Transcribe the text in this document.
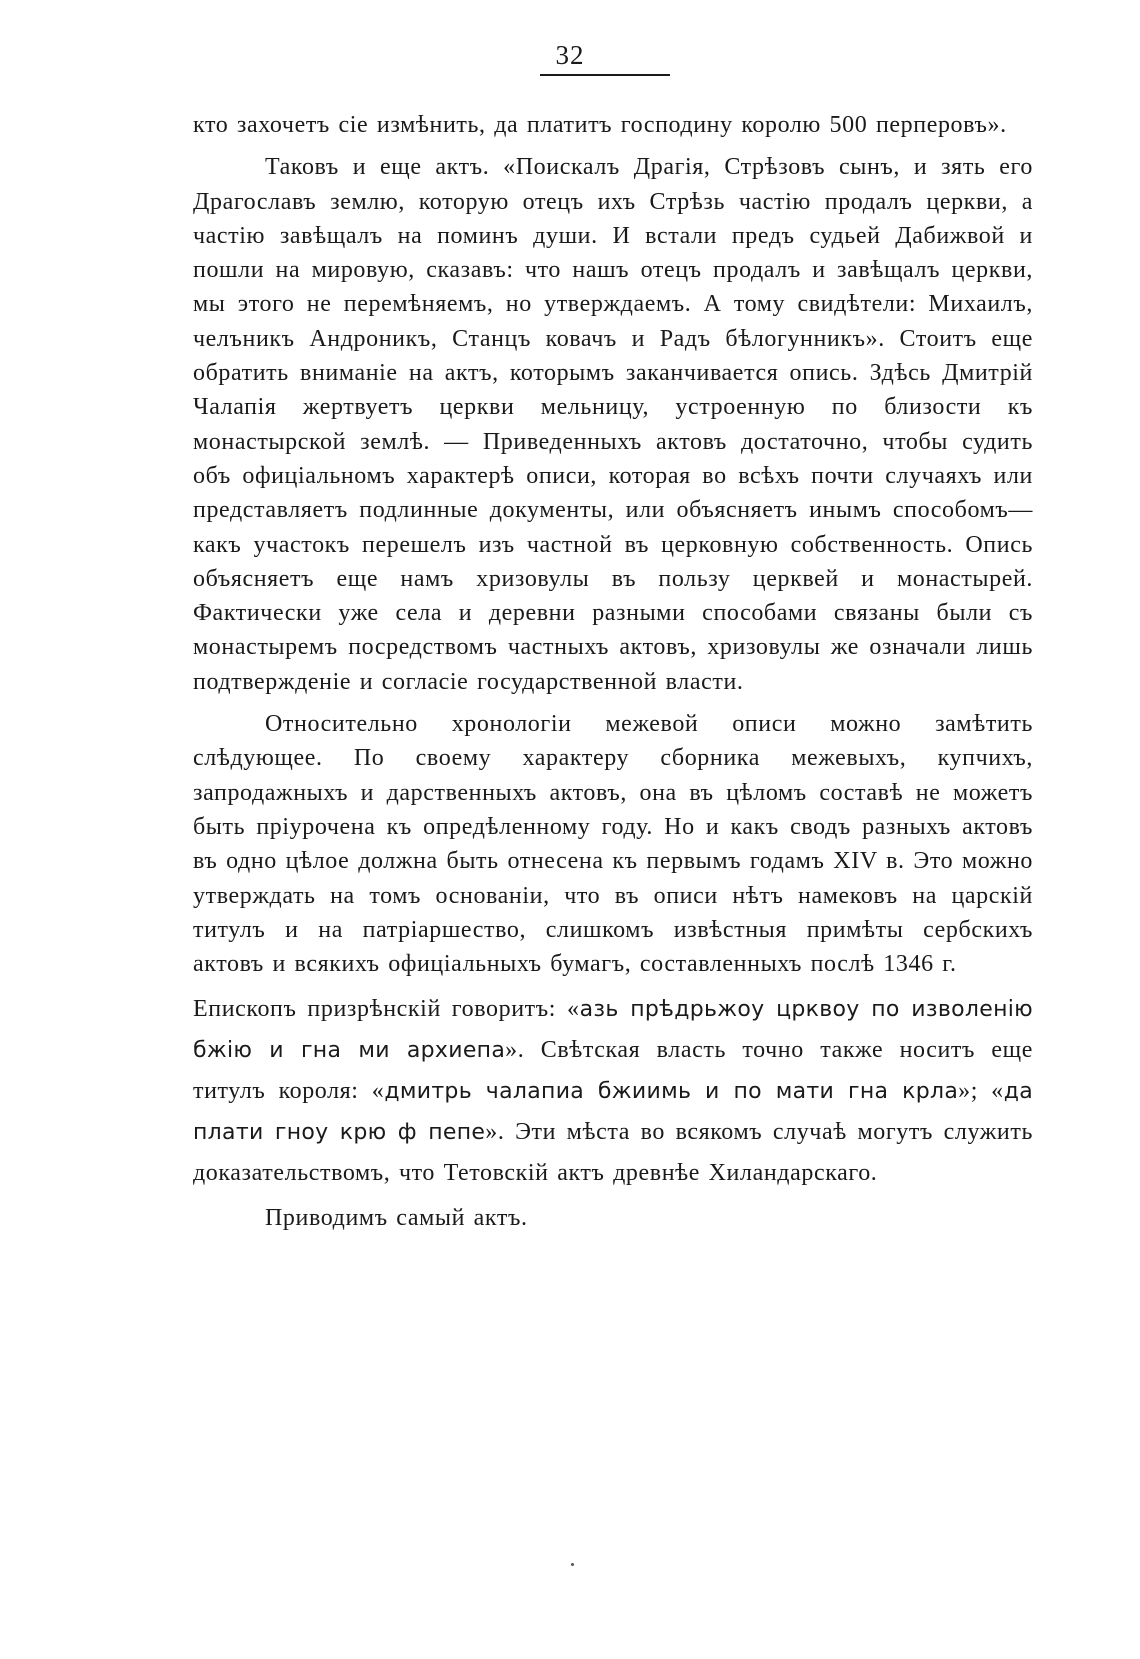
32

кто захочетъ сіе измѣнить, да платитъ господину королю 500 перперовъ».

Таковъ и еще актъ. «Поискалъ Драгія, Стрѣзовъ сынъ, и зять его Драгославъ землю, которую отецъ ихъ Стрѣзь частію продалъ церкви, а частію завѣщалъ на поминъ души. И встали предъ судьей Дабижвой и пошли на мировую, сказавъ: что нашъ отецъ продалъ и завѣщалъ церкви, мы этого не перемѣняемъ, но утверждаемъ. А тому свидѣтели: Михаилъ, челъникъ Андроникъ, Станцъ ковачъ и Радъ бѣлогунникъ». Стоитъ еще обратить вниманіе на актъ, которымъ заканчивается опись. Здѣсь Дмитрій Чалапія жертвуетъ церкви мельницу, устроенную по близости къ монастырской землѣ. — Приведенныхъ актовъ достаточно, чтобы судить объ офиціальномъ характерѣ описи, которая во всѣхъ почти случаяхъ или представляетъ подлинные документы, или объясняетъ инымъ способомъ—какъ участокъ перешелъ изъ частной въ церковную собственность. Опись объясняетъ еще намъ хризовулы въ пользу церквей и монастырей. Фактически уже села и деревни разными способами связаны были съ монастыремъ посредствомъ частныхъ актовъ, хризовулы же означали лишь подтвержденіе и согласіе государственной власти.

Относительно хронологіи межевой описи можно замѣтить слѣдующее. По своему характеру сборника межевыхъ, купчихъ, запродажныхъ и дарственныхъ актовъ, она въ цѣломъ составѣ не можетъ быть пріурочена къ опредѣленному году. Но и какъ сводъ разныхъ актовъ въ одно цѣлое должна быть отнесена къ первымъ годамъ XIV в. Это можно утверждать на томъ основаніи, что въ описи нѣтъ намековъ на царскій титулъ и на патріаршество, слишкомъ извѣстныя примѣты сербскихъ актовъ и всякихъ офиціальныхъ бумагъ, составленныхъ послѣ 1346 г.

Епископъ призрѣнскій говоритъ: «азь прѣдрьжоу црквоу по изволенію бжію и гна ми архиепа». Свѣтская власть точно также носитъ еще титулъ короля: «дмитрь чалапиа бжиимь и по мати гна крла»; «да плати гноу крю ф пепе». Эти мѣста во всякомъ случаѣ могутъ служить доказательствомъ, что Тетовскій актъ древнѣе Хиландарскаго.

Приводимъ самый актъ.
